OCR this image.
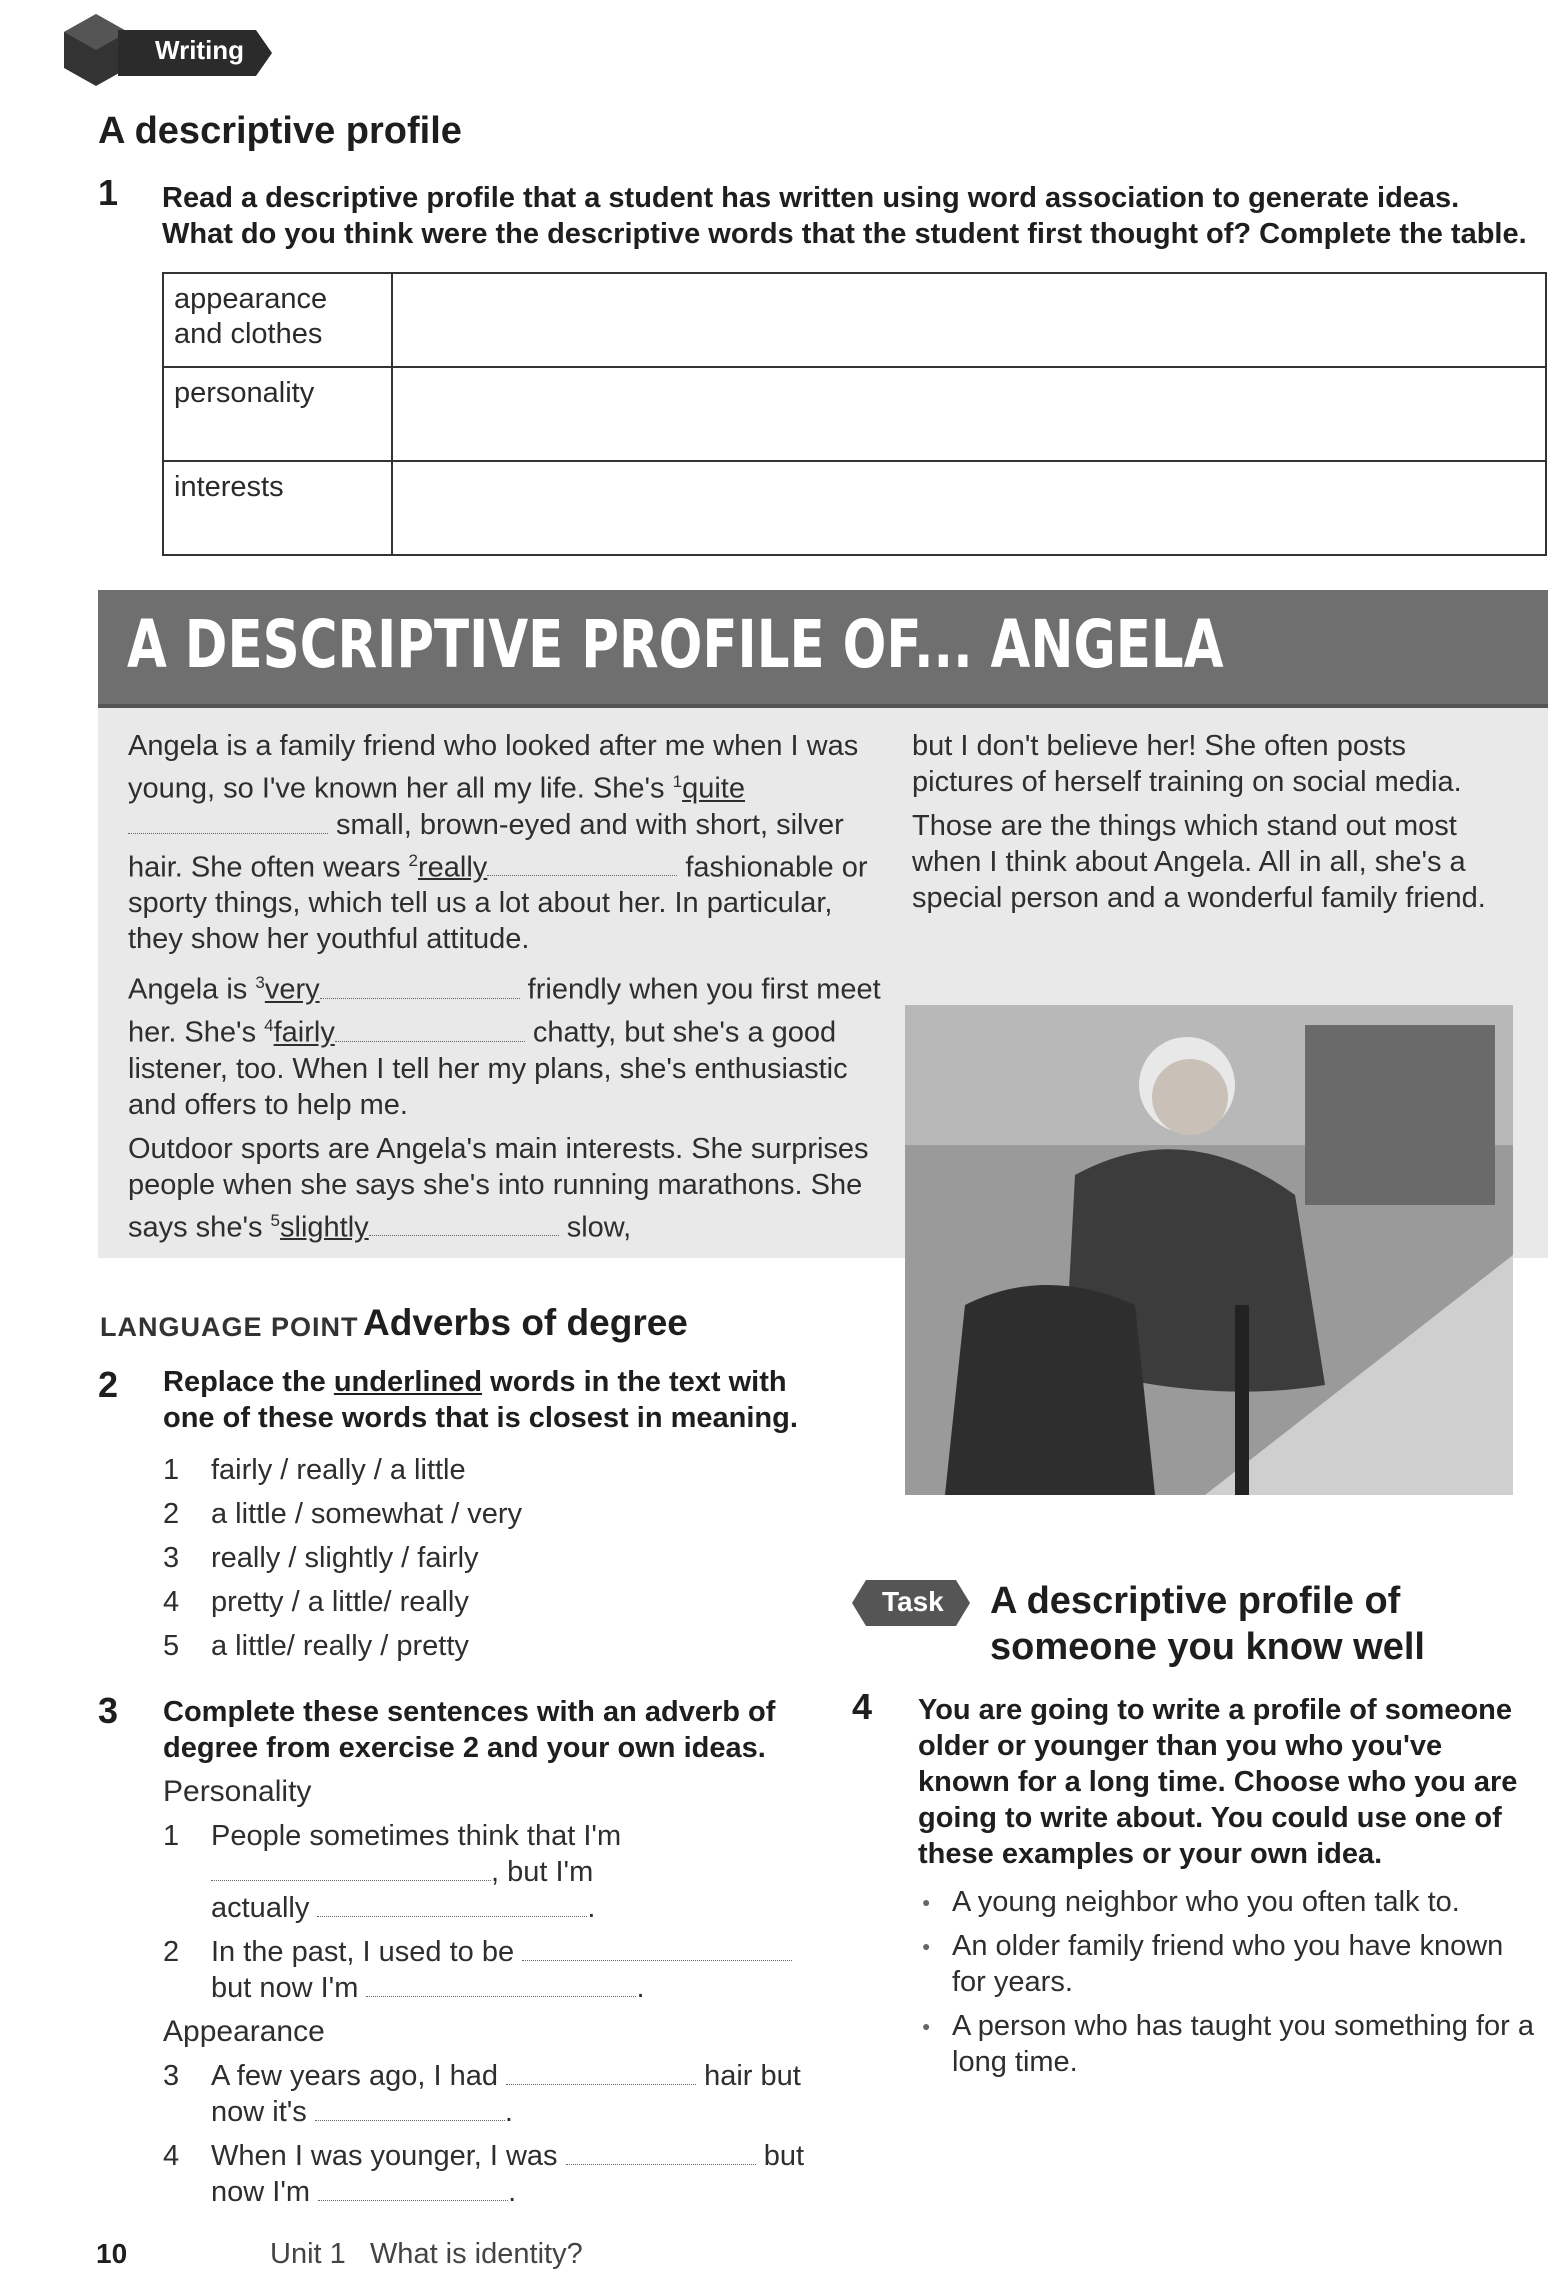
Writing
A descriptive profile
1 Read a descriptive profile that a student has written using word association to generate ideas.
What do you think were the descriptive words that the student first thought of? Complete the table.
appearance
and clothes	

personality	

interests	

A DESCRIPTIVE PROFILE OF... ANGELA

Angela is a family friend who looked after me when I was young, so I've known her all my life. She's $^1$quite small, brown-eyed and with short, silver hair. She often wears $^2$really	fashionable or sporty things, which tell us a lot about her. In particular, they show her youthful attitude.

Angela is $^3$very	friendly when you first meet her. She's $^4$fairly	chatty, but she's a good listener, too. When I tell her my plans, she's enthusiastic and offers to help me.

Outdoor sports are Angela's main interests. She surprises people when she says she's into running marathons. She says she's $^5$slightly	slow,

but I don't believe her! She often posts pictures of herself training on social media.

Those are the things which stand out most when I think about Angela. All in all, she's a special person and a wonderful family friend.

LANGUAGE POINT Adverbs of degree
2 Replace the underlined words in the text with one of these words that is closest in meaning.
1 fairly / really / a little
2 a little / somewhat / very
3 really / slightly / fairly
4 pretty / a little/ really
5 a little/ really / pretty
3 Complete these sentences with an adverb of degree from exercise 2 and your own ideas.
Personality
1 People sometimes think that I'm
, but I'm
actually	.
2 In the past, I used to be
but now I'm	.
Appearance
3 A few years ago, I had	hair but
now it's	.
4 When I was younger, I was	but
now I'm	.
Task A descriptive profile of
someone you know well
4 You are going to write a profile of someone older or younger than you who you've known for a long time. Choose who you are going to write about. You could use one of these examples or your own idea.
● A young neighbor who you often talk to.
● An older family friend who you have known for years.
● A person who has taught you something for a long time.
10	Unit 1 What is identity?
